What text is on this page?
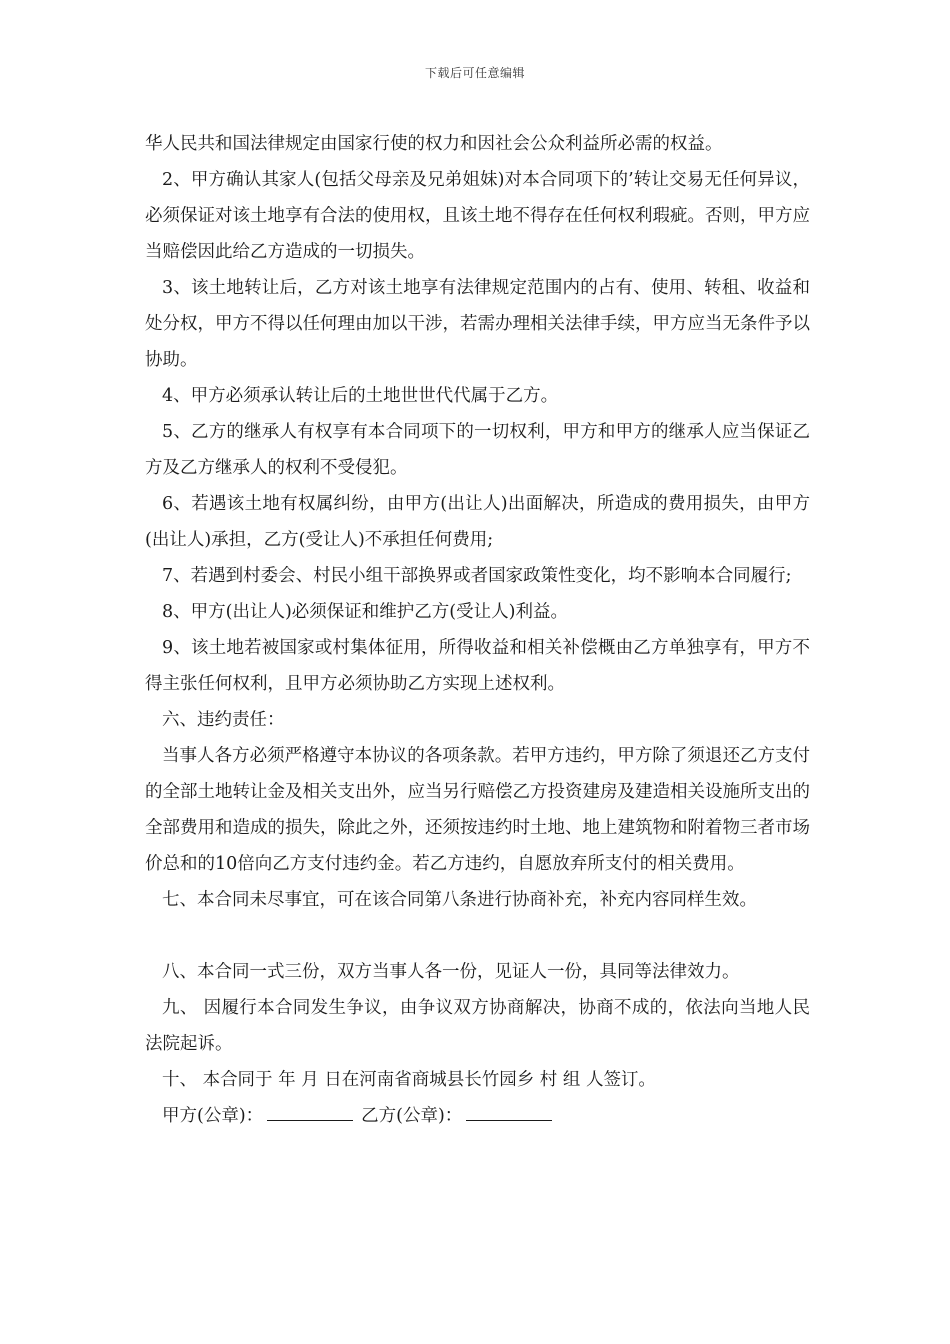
下载后可任意编辑

华人民共和国法律规定由国家行使的权力和因社会公众利益所必需的权益。

2、甲方确认其家人(包括父母亲及兄弟姐妹)对本合同项下的’转让交易无任何异议，必须保证对该土地享有合法的使用权，且该土地不得存在任何权利瑕疵。否则，甲方应当赔偿因此给乙方造成的一切损失。

3、该土地转让后，乙方对该土地享有法律规定范围内的占有、使用、转租、收益和处分权，甲方不得以任何理由加以干涉，若需办理相关法律手续，甲方应当无条件予以协助。

4、甲方必须承认转让后的土地世世代代属于乙方。

5、乙方的继承人有权享有本合同项下的一切权利，甲方和甲方的继承人应当保证乙方及乙方继承人的权利不受侵犯。

6、若遇该土地有权属纠纷，由甲方(出让人)出面解决，所造成的费用损失，由甲方(出让人)承担，乙方(受让人)不承担任何费用;

7、若遇到村委会、村民小组干部换界或者国家政策性变化，均不影响本合同履行;

8、甲方(出让人)必须保证和维护乙方(受让人)利益。

9、该土地若被国家或村集体征用，所得收益和相关补偿概由乙方单独享有，甲方不得主张任何权利，且甲方必须协助乙方实现上述权利。

六、违约责任：

当事人各方必须严格遵守本协议的各项条款。若甲方违约，甲方除了须退还乙方支付的全部土地转让金及相关支出外，应当另行赔偿乙方投资建房及建造相关设施所支出的全部费用和造成的损失，除此之外，还须按违约时土地、地上建筑物和附着物三者市场价总和的10倍向乙方支付违约金。若乙方违约，自愿放弃所支付的相关费用。

七、本合同未尽事宜，可在该合同第八条进行协商补充，补充内容同样生效。

八、本合同一式三份，双方当事人各一份，见证人一份，具同等法律效力。

九、 因履行本合同发生争议，由争议双方协商解决，协商不成的，依法向当地人民法院起诉。

十、 本合同于 年 月 日在河南省商城县长竹园乡 村 组 人签订。

甲方(公章)：	乙方(公章)：
